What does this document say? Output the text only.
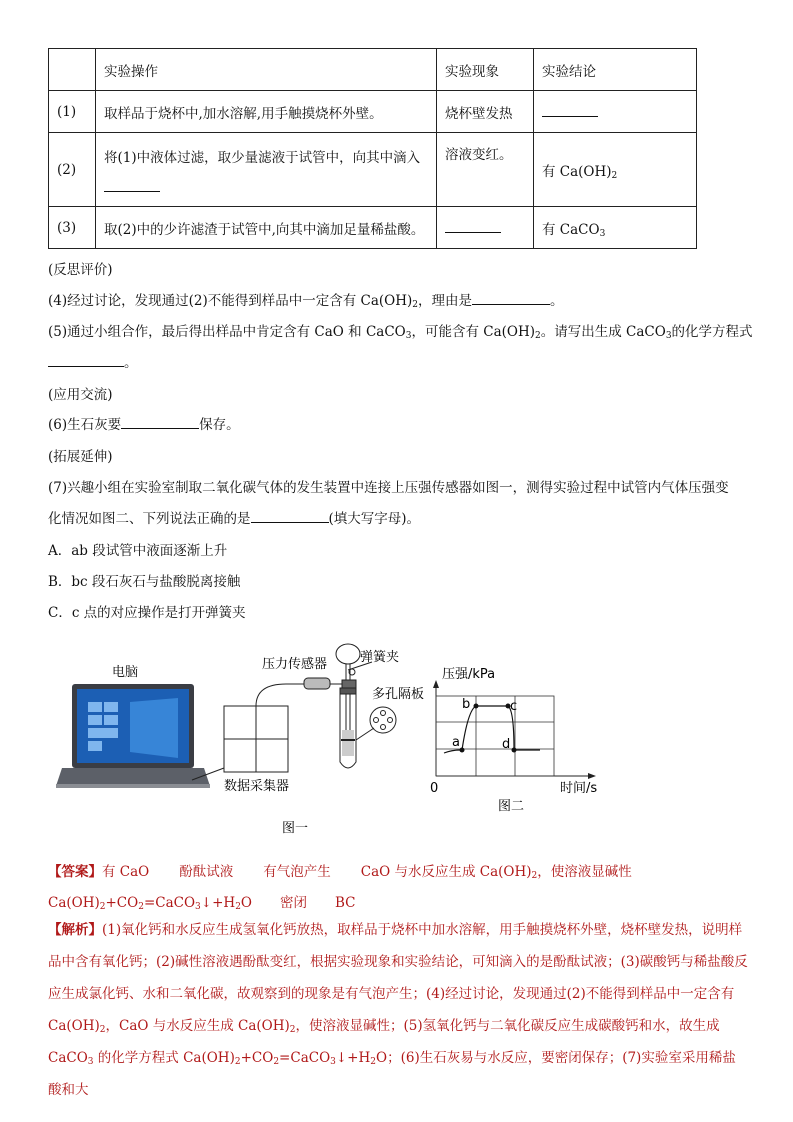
	实验操作	实验现象	实验结论
(1)	取样品于烧杯中,加水溶解,用手触摸烧杯外壁。	烧杯壁发热	
(2)	将(1)中液体过滤，取少量滤液于试管中，向其中滴入	溶液变红。	有 $Ca(OH)_2$
(3)	取(2)中的少许滤渣于试管中,向其中滴加足量稀盐酸。		有 CaCO$_3$
(反思评价)
(4)经过讨论，发现通过(2)不能得到样品中一定含有 $Ca(OH)_2$，理由是	。
(5)通过小组合作，最后得出样品中肯定含有 CaO 和 CaCO$_3$，可能含有 $Ca(OH)_2$。请写出生成 CaCO$_3$的化学方程式
。
(应用交流)
(6)生石灰要	保存。
(拓展延伸)
(7)兴趣小组在实验室制取二氧化碳气体的发生装置中连接上压强传感器如图一，测得实验过程中试管内气体压强变
化情况如图二、下列说法正确的是	(填大写字母)。
A．ab 段试管中液面逐渐上升
B．bc 段石灰石与盐酸脱离接触
C．c 点的对应操作是打开弹簧夹
电脑
数据采集器
压力传感器	弹簧夹
多孔隔板
图一
a
b	c
d
压强/kPa
时间/s
0
图二
【答案】有 CaO 酚酞试液 有气泡产生 CaO 与水反应生成 $Ca(OH)_2$，使溶液显碱性
$Ca(OH)_2+CO_2=CaCO_3↓+H_2O$ 密闭 BC
【解析】(1)氧化钙和水反应生成氢氧化钙放热，取样品于烧杯中加水溶解，用手触摸烧杯外壁，烧杯壁发热，说明样品中含有氧化钙；(2)碱性溶液遇酚酞变红，根据实验现象和实验结论，可知滴入的是酚酞试液；(3)碳酸钙与稀盐酸反应生成氯化钙、水和二氧化碳，故观察到的现象是有气泡产生；(4)经过讨论，发现通过(2)不能得到样品中一定含有 $Ca(OH)_2$，CaO 与水反应生成 $Ca(OH)_2$，使溶液显碱性；(5)氢氧化钙与二氧化碳反应生成碳酸钙和水，故生成 CaCO$_3$ 的化学方程式 $Ca(OH)_2+CO_2=CaCO_3↓+H_2O$；(6)生石灰易与水反应，要密闭保存；(7)实验室采用稀盐酸和大
